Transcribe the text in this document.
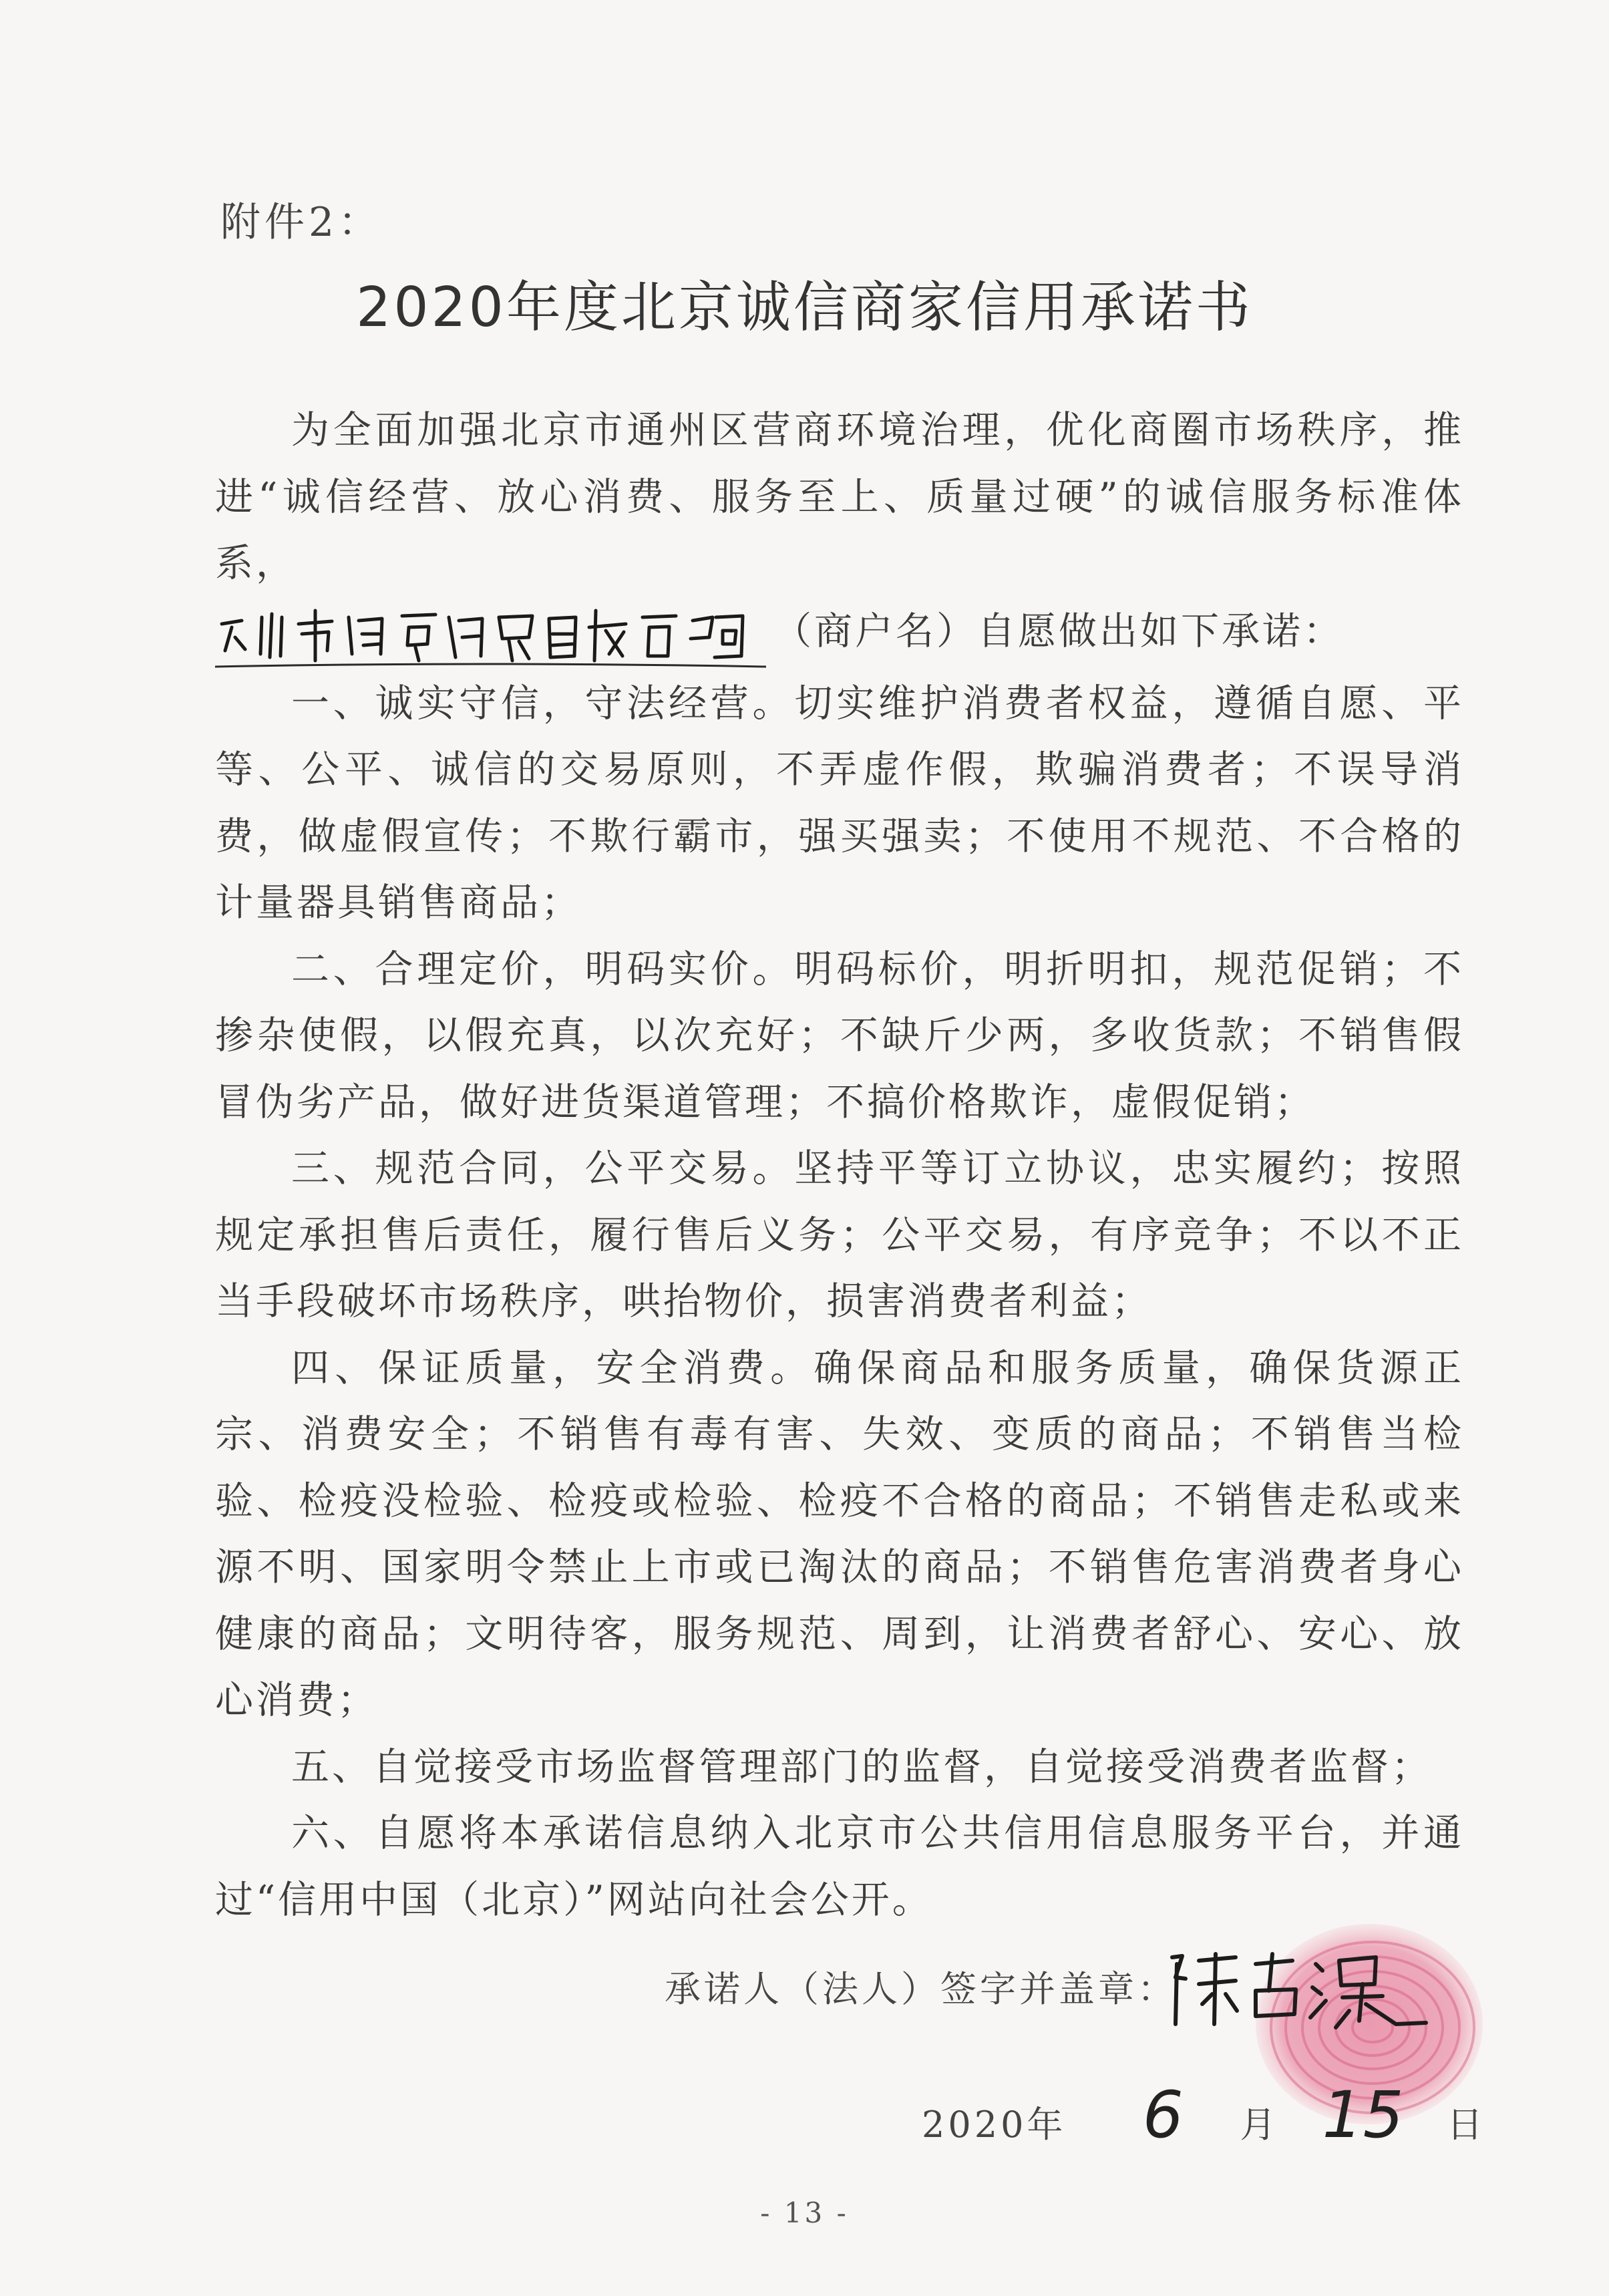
附件2：
2020年度北京诚信商家信用承诺书

为全面加强北京市通州区营商环境治理，优化商圈市场秩序，推进“诚信经营、放心消费、服务至上、质量过硬”的诚信服务标准体系，

（商户名）自愿做出如下承诺：

一、诚实守信，守法经营。切实维护消费者权益，遵循自愿、平等、公平、诚信的交易原则，不弄虚作假，欺骗消费者；不误导消费，做虚假宣传；不欺行霸市，强买强卖；不使用不规范、不合格的计量器具销售商品；

二、合理定价，明码实价。明码标价，明折明扣，规范促销；不掺杂使假，以假充真，以次充好；不缺斤少两，多收货款；不销售假冒伪劣产品，做好进货渠道管理；不搞价格欺诈，虚假促销；

三、规范合同，公平交易。坚持平等订立协议，忠实履约；按照规定承担售后责任，履行售后义务；公平交易，有序竞争；不以不正当手段破坏市场秩序，哄抬物价，损害消费者利益；

四、保证质量，安全消费。确保商品和服务质量，确保货源正宗、消费安全；不销售有毒有害、失效、变质的商品；不销售当检验、检疫没检验、检疫或检验、检疫不合格的商品；不销售走私或来源不明、国家明令禁止上市或已淘汰的商品；不销售危害消费者身心健康的商品；文明待客，服务规范、周到，让消费者舒心、安心、放心消费；

五、自觉接受市场监督管理部门的监督，自觉接受消费者监督；

六、自愿将本承诺信息纳入北京市公共信用信息服务平台，并通过“信用中国（北京）”网站向社会公开。

承诺人（法人）签字并盖章：
2020年 6 月 15 日
- 13 -
